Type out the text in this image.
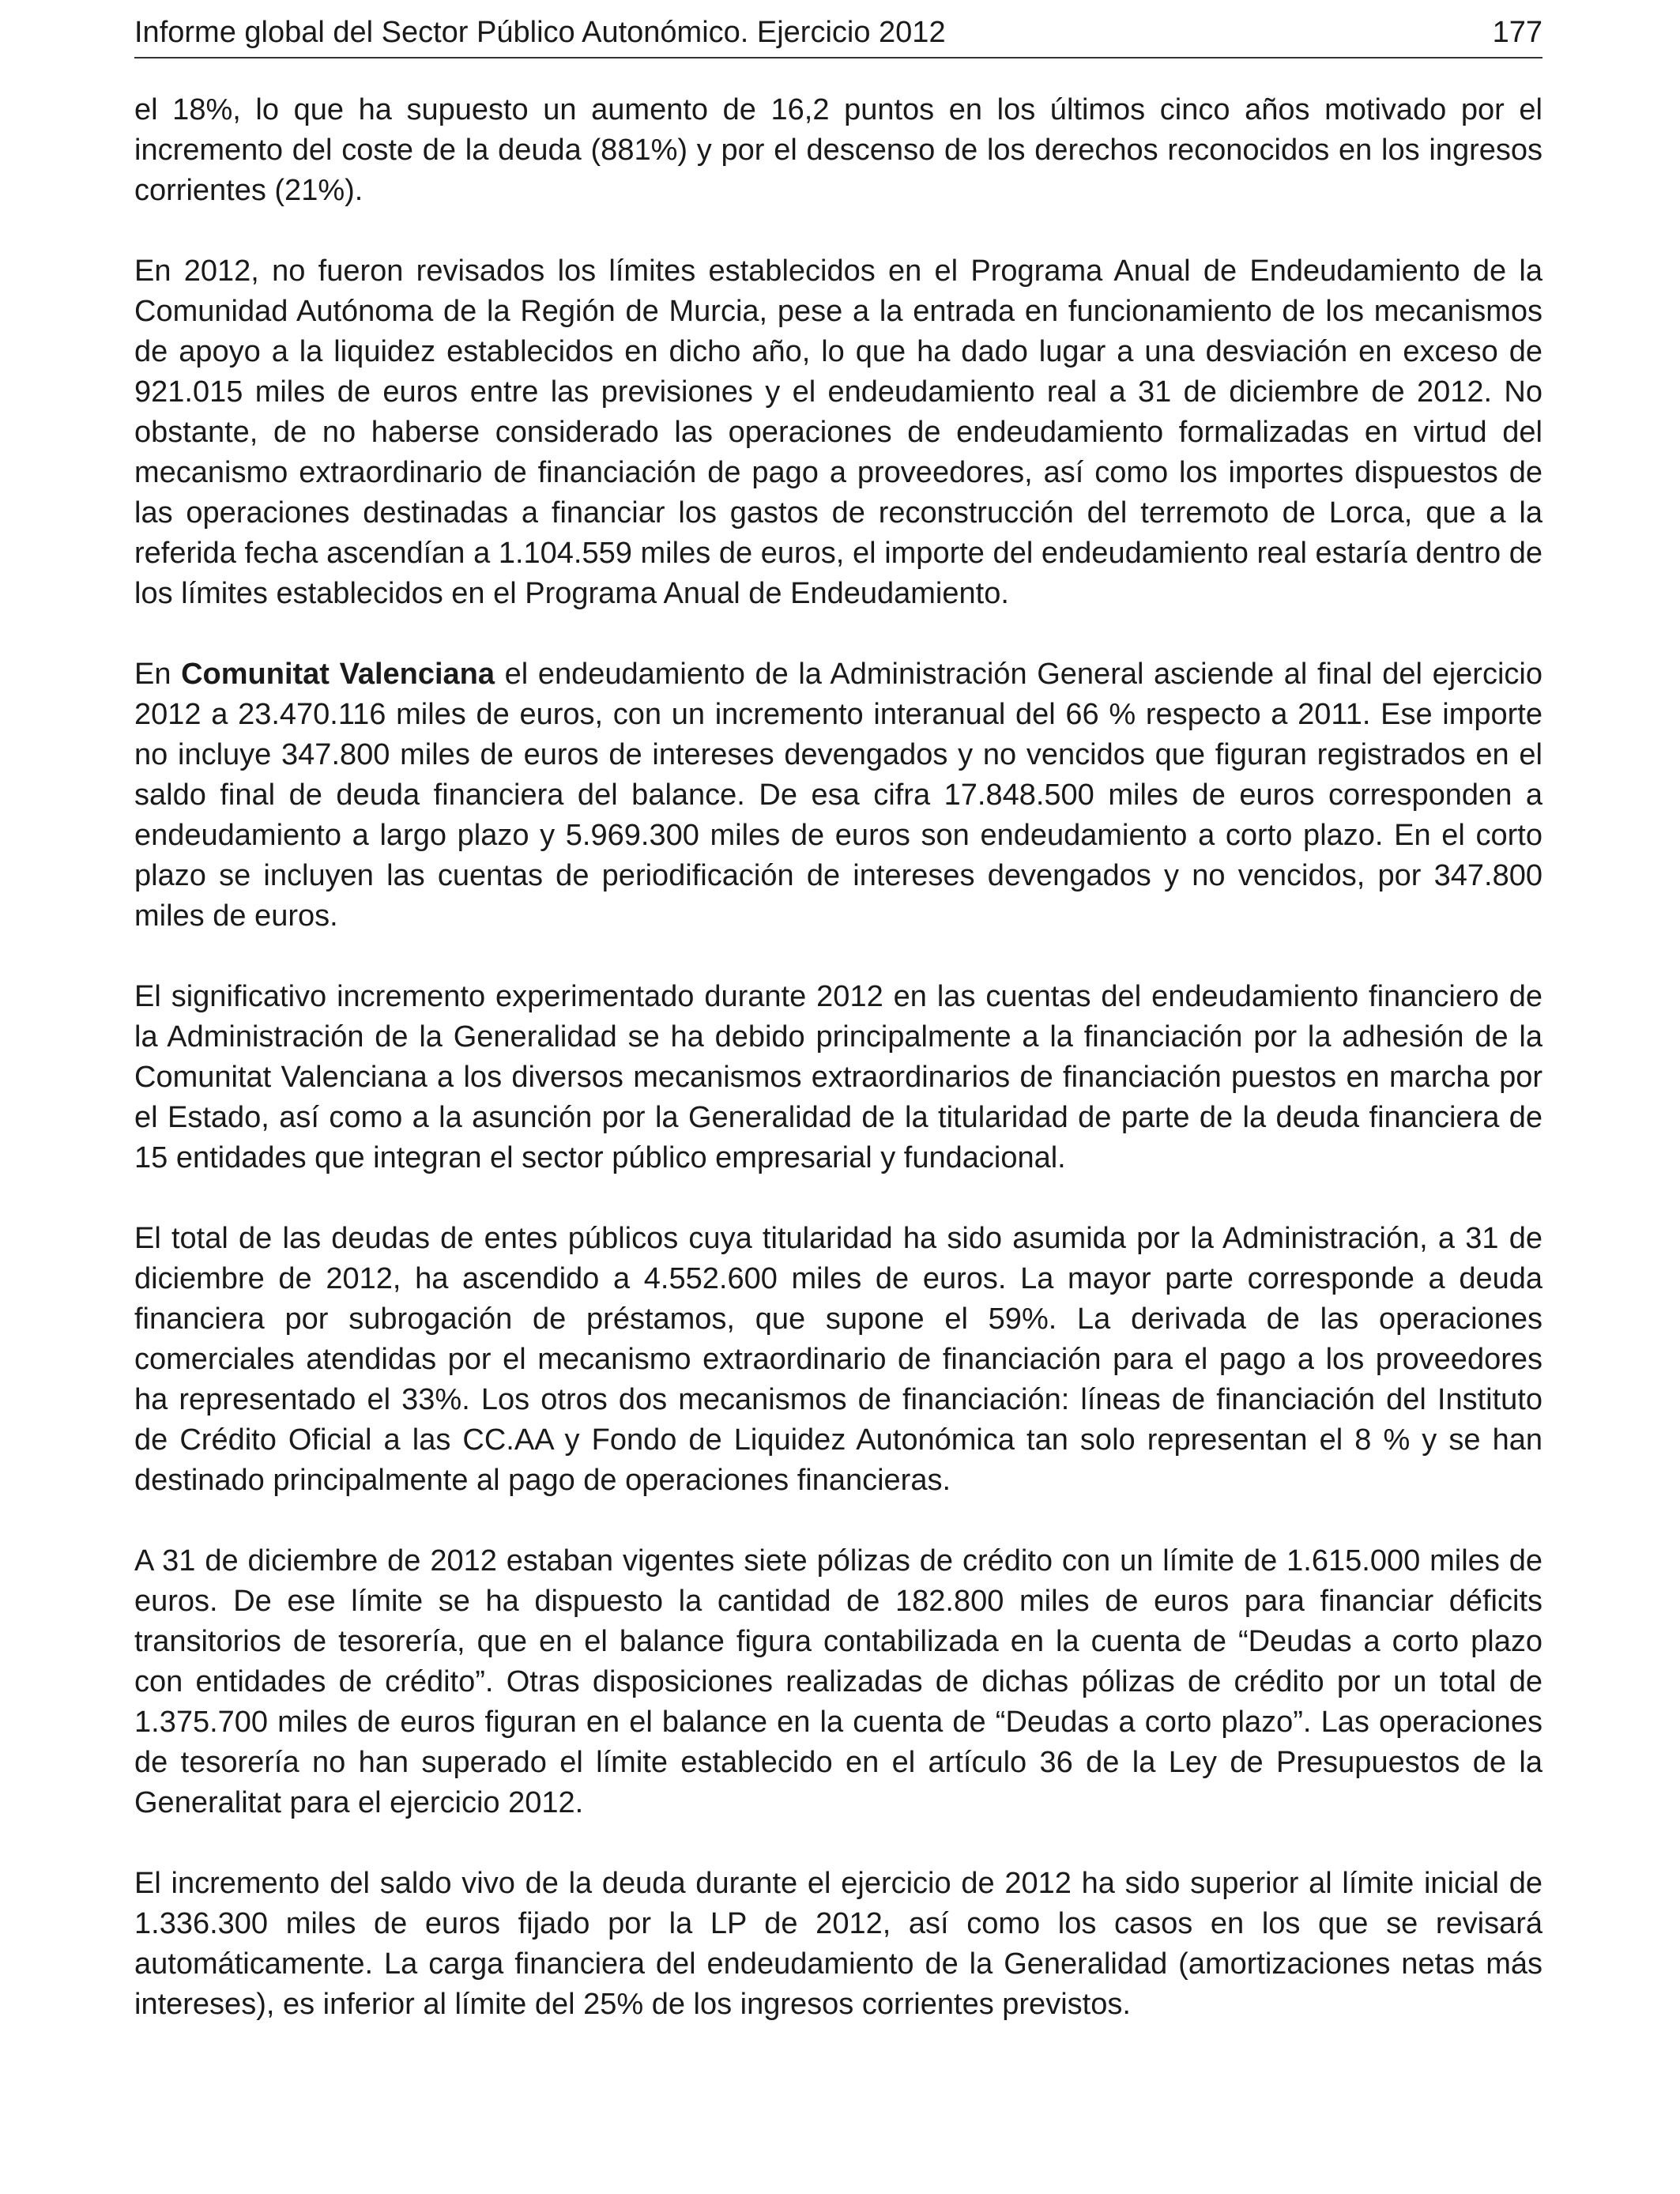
Informe global del Sector Público Autonómico. Ejercicio 2012	177

el 18%, lo que ha supuesto un aumento de 16,2 puntos en los últimos cinco años motivado por el incremento del coste de la deuda (881%) y por el descenso de los derechos reconocidos en los ingresos corrientes (21%).

En 2012, no fueron revisados los límites establecidos en el Programa Anual de Endeudamiento de la Comunidad Autónoma de la Región de Murcia, pese a la entrada en funcionamiento de los mecanismos de apoyo a la liquidez establecidos en dicho año, lo que ha dado lugar a una desviación en exceso de 921.015 miles de euros entre las previsiones y el endeudamiento real a 31 de diciembre de 2012. No obstante, de no haberse considerado las operaciones de endeudamiento formalizadas en virtud del mecanismo extraordinario de financiación de pago a proveedores, así como los importes dispuestos de las operaciones destinadas a financiar los gastos de reconstrucción del terremoto de Lorca, que a la referida fecha ascendían a 1.104.559 miles de euros, el importe del endeudamiento real estaría dentro de los límites establecidos en el Programa Anual de Endeudamiento.

En Comunitat Valenciana el endeudamiento de la Administración General asciende al final del ejercicio 2012 a 23.470.116 miles de euros, con un incremento interanual del 66 % respecto a 2011. Ese importe no incluye 347.800 miles de euros de intereses devengados y no vencidos que figuran registrados en el saldo final de deuda financiera del balance. De esa cifra 17.848.500 miles de euros corresponden a endeudamiento a largo plazo y 5.969.300 miles de euros son endeudamiento a corto plazo. En el corto plazo se incluyen las cuentas de periodificación de intereses devengados y no vencidos, por 347.800 miles de euros.

El significativo incremento experimentado durante 2012 en las cuentas del endeudamiento financiero de la Administración de la Generalidad se ha debido principalmente a la financiación por la adhesión de la Comunitat Valenciana a los diversos mecanismos extraordinarios de financiación puestos en marcha por el Estado, así como a la asunción por la Generalidad de la titularidad de parte de la deuda financiera de 15 entidades que integran el sector público empresarial y fundacional.

El total de las deudas de entes públicos cuya titularidad ha sido asumida por la Administración, a 31 de diciembre de 2012, ha ascendido a 4.552.600 miles de euros. La mayor parte corresponde a deuda financiera por subrogación de préstamos, que supone el 59%. La derivada de las operaciones comerciales atendidas por el mecanismo extraordinario de financiación para el pago a los proveedores ha representado el 33%. Los otros dos mecanismos de financiación: líneas de financiación del Instituto de Crédito Oficial a las CC.AA y Fondo de Liquidez Autonómica tan solo representan el 8 % y se han destinado principalmente al pago de operaciones financieras.

A 31 de diciembre de 2012 estaban vigentes siete pólizas de crédito con un límite de 1.615.000 miles de euros. De ese límite se ha dispuesto la cantidad de 182.800 miles de euros para financiar déficits transitorios de tesorería, que en el balance figura contabilizada en la cuenta de “Deudas a corto plazo con entidades de crédito”. Otras disposiciones realizadas de dichas pólizas de crédito por un total de 1.375.700 miles de euros figuran en el balance en la cuenta de “Deudas a corto plazo”. Las operaciones de tesorería no han superado el límite establecido en el artículo 36 de la Ley de Presupuestos de la Generalitat para el ejercicio 2012.

El incremento del saldo vivo de la deuda durante el ejercicio de 2012 ha sido superior al límite inicial de 1.336.300 miles de euros fijado por la LP de 2012, así como los casos en los que se revisará automáticamente. La carga financiera del endeudamiento de la Generalidad (amortizaciones netas más intereses), es inferior al límite del 25% de los ingresos corrientes previstos.
